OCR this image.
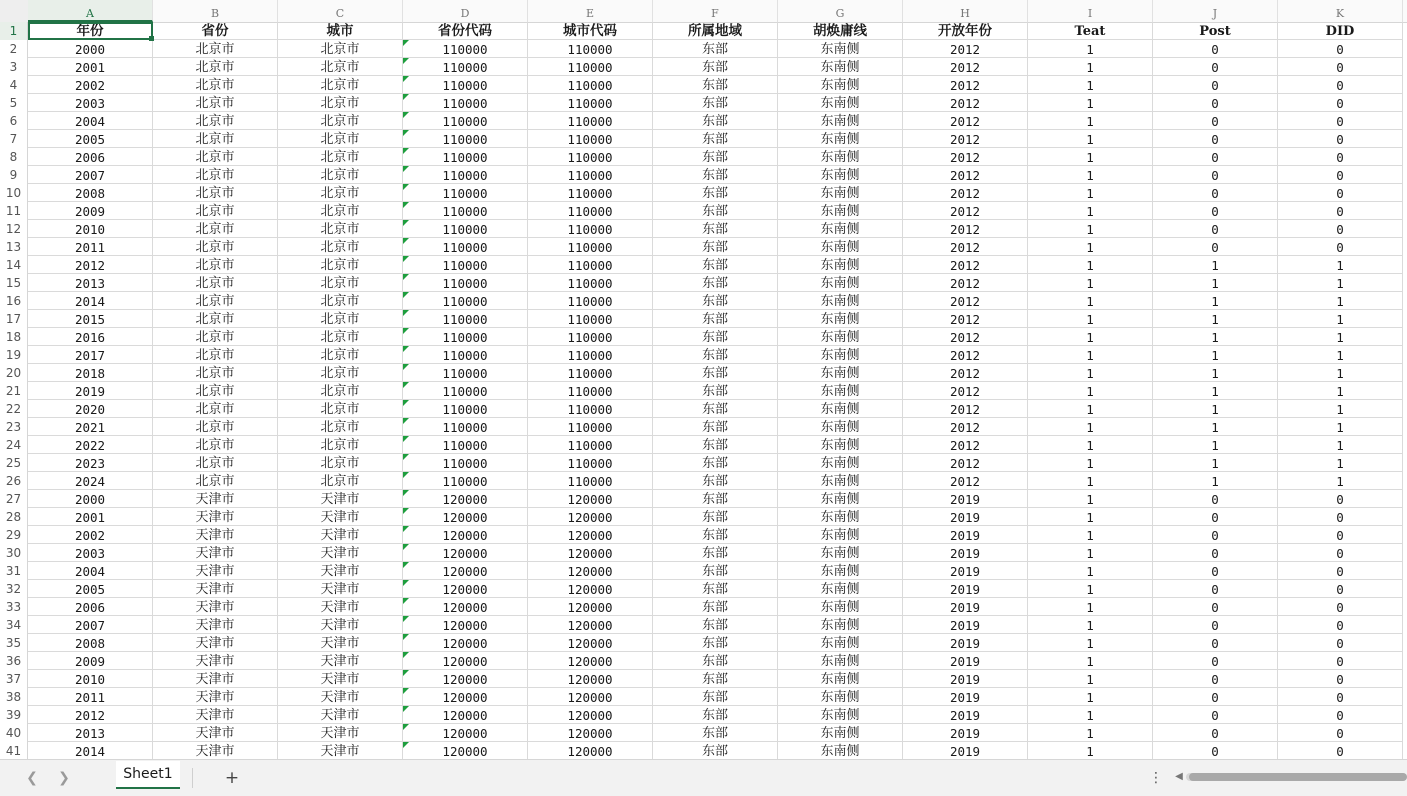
A	B	C	D	E	F	G	H	I	J	K
1
2
3
4
5
6
7
8
9
10
11
12
13
14
15
16
17
18
19
20
21
22
23
24
25
26
27
28
29
30
31
32
33
34
35
36
37
38
39
40
41
年份	省份	城市	省份代码	城市代码	所属地域	胡焕庸线	开放年份	Teat	Post	DID
2000	北京市	北京市	110000	110000	东部	东南侧	2012	1	0	0
2001	北京市	北京市	110000	110000	东部	东南侧	2012	1	0	0
2002	北京市	北京市	110000	110000	东部	东南侧	2012	1	0	0
2003	北京市	北京市	110000	110000	东部	东南侧	2012	1	0	0
2004	北京市	北京市	110000	110000	东部	东南侧	2012	1	0	0
2005	北京市	北京市	110000	110000	东部	东南侧	2012	1	0	0
2006	北京市	北京市	110000	110000	东部	东南侧	2012	1	0	0
2007	北京市	北京市	110000	110000	东部	东南侧	2012	1	0	0
2008	北京市	北京市	110000	110000	东部	东南侧	2012	1	0	0
2009	北京市	北京市	110000	110000	东部	东南侧	2012	1	0	0
2010	北京市	北京市	110000	110000	东部	东南侧	2012	1	0	0
2011	北京市	北京市	110000	110000	东部	东南侧	2012	1	0	0
2012	北京市	北京市	110000	110000	东部	东南侧	2012	1	1	1
2013	北京市	北京市	110000	110000	东部	东南侧	2012	1	1	1
2014	北京市	北京市	110000	110000	东部	东南侧	2012	1	1	1
2015	北京市	北京市	110000	110000	东部	东南侧	2012	1	1	1
2016	北京市	北京市	110000	110000	东部	东南侧	2012	1	1	1
2017	北京市	北京市	110000	110000	东部	东南侧	2012	1	1	1
2018	北京市	北京市	110000	110000	东部	东南侧	2012	1	1	1
2019	北京市	北京市	110000	110000	东部	东南侧	2012	1	1	1
2020	北京市	北京市	110000	110000	东部	东南侧	2012	1	1	1
2021	北京市	北京市	110000	110000	东部	东南侧	2012	1	1	1
2022	北京市	北京市	110000	110000	东部	东南侧	2012	1	1	1
2023	北京市	北京市	110000	110000	东部	东南侧	2012	1	1	1
2024	北京市	北京市	110000	110000	东部	东南侧	2012	1	1	1
2000	天津市	天津市	120000	120000	东部	东南侧	2019	1	0	0
2001	天津市	天津市	120000	120000	东部	东南侧	2019	1	0	0
2002	天津市	天津市	120000	120000	东部	东南侧	2019	1	0	0
2003	天津市	天津市	120000	120000	东部	东南侧	2019	1	0	0
2004	天津市	天津市	120000	120000	东部	东南侧	2019	1	0	0
2005	天津市	天津市	120000	120000	东部	东南侧	2019	1	0	0
2006	天津市	天津市	120000	120000	东部	东南侧	2019	1	0	0
2007	天津市	天津市	120000	120000	东部	东南侧	2019	1	0	0
2008	天津市	天津市	120000	120000	东部	东南侧	2019	1	0	0
2009	天津市	天津市	120000	120000	东部	东南侧	2019	1	0	0
2010	天津市	天津市	120000	120000	东部	东南侧	2019	1	0	0
2011	天津市	天津市	120000	120000	东部	东南侧	2019	1	0	0
2012	天津市	天津市	120000	120000	东部	东南侧	2019	1	0	0
2013	天津市	天津市	120000	120000	东部	东南侧	2019	1	0	0
2014	天津市	天津市	120000	120000	东部	东南侧	2019	1	0	0
❮	❯	Sheet1	+	⋮	◀
